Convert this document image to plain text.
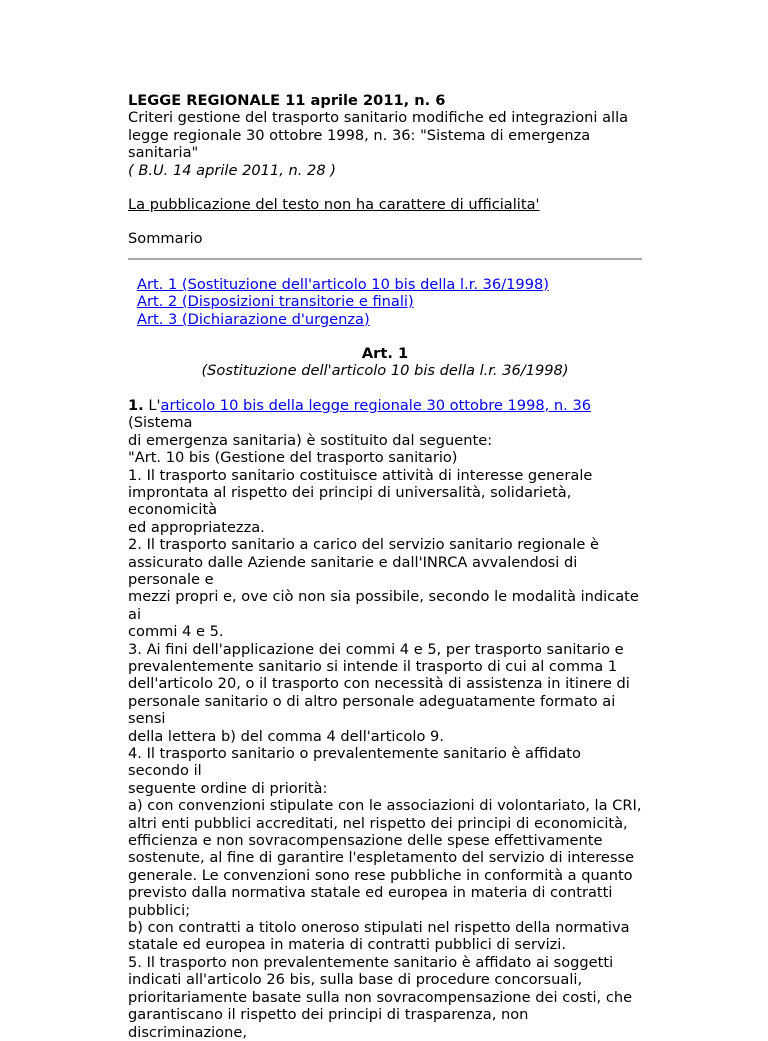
LEGGE REGIONALE 11 aprile 2011, n. 6
Criteri gestione del trasporto sanitario modifiche ed integrazioni alla
legge regionale 30 ottobre 1998, n. 36: "Sistema di emergenza
sanitaria"
( B.U. 14 aprile 2011, n. 28 )
La pubblicazione del testo non ha carattere di ufficialita'
Sommario
Art. 1 (Sostituzione dell'articolo 10 bis della l.r. 36/1998)
Art. 2 (Disposizioni transitorie e finali)
Art. 3 (Dichiarazione d'urgenza)
Art. 1
(Sostituzione dell'articolo 10 bis della l.r. 36/1998)

1. L'articolo 10 bis della legge regionale 30 ottobre 1998, n. 36 (Sistema

di emergenza sanitaria) è sostituito dal seguente:

"Art. 10 bis (Gestione del trasporto sanitario)

1. Il trasporto sanitario costituisce attività di interesse generale

improntata al rispetto dei principi di universalità, solidarietà, economicità

ed appropriatezza.

2. Il trasporto sanitario a carico del servizio sanitario regionale è

assicurato dalle Aziende sanitarie e dall'INRCA avvalendosi di personale e

mezzi propri e, ove ciò non sia possibile, secondo le modalità indicate ai

commi 4 e 5.

3. Ai fini dell'applicazione dei commi 4 e 5, per trasporto sanitario e

prevalentemente sanitario si intende il trasporto di cui al comma 1

dell'articolo 20, o il trasporto con necessità di assistenza in itinere di

personale sanitario o di altro personale adeguatamente formato ai sensi

della lettera b) del comma 4 dell'articolo 9.

4. Il trasporto sanitario o prevalentemente sanitario è affidato secondo il

seguente ordine di priorità:

a) con convenzioni stipulate con le associazioni di volontariato, la CRI,

altri enti pubblici accreditati, nel rispetto dei principi di economicità,

efficienza e non sovracompensazione delle spese effettivamente

sostenute, al fine di garantire l'espletamento del servizio di interesse

generale. Le convenzioni sono rese pubbliche in conformità a quanto

previsto dalla normativa statale ed europea in materia di contratti

pubblici;

b) con contratti a titolo oneroso stipulati nel rispetto della normativa

statale ed europea in materia di contratti pubblici di servizi.

5. Il trasporto non prevalentemente sanitario è affidato ai soggetti

indicati all'articolo 26 bis, sulla base di procedure concorsuali,

prioritariamente basate sulla non sovracompensazione dei costi, che

garantiscano il rispetto dei principi di trasparenza, non discriminazione,
